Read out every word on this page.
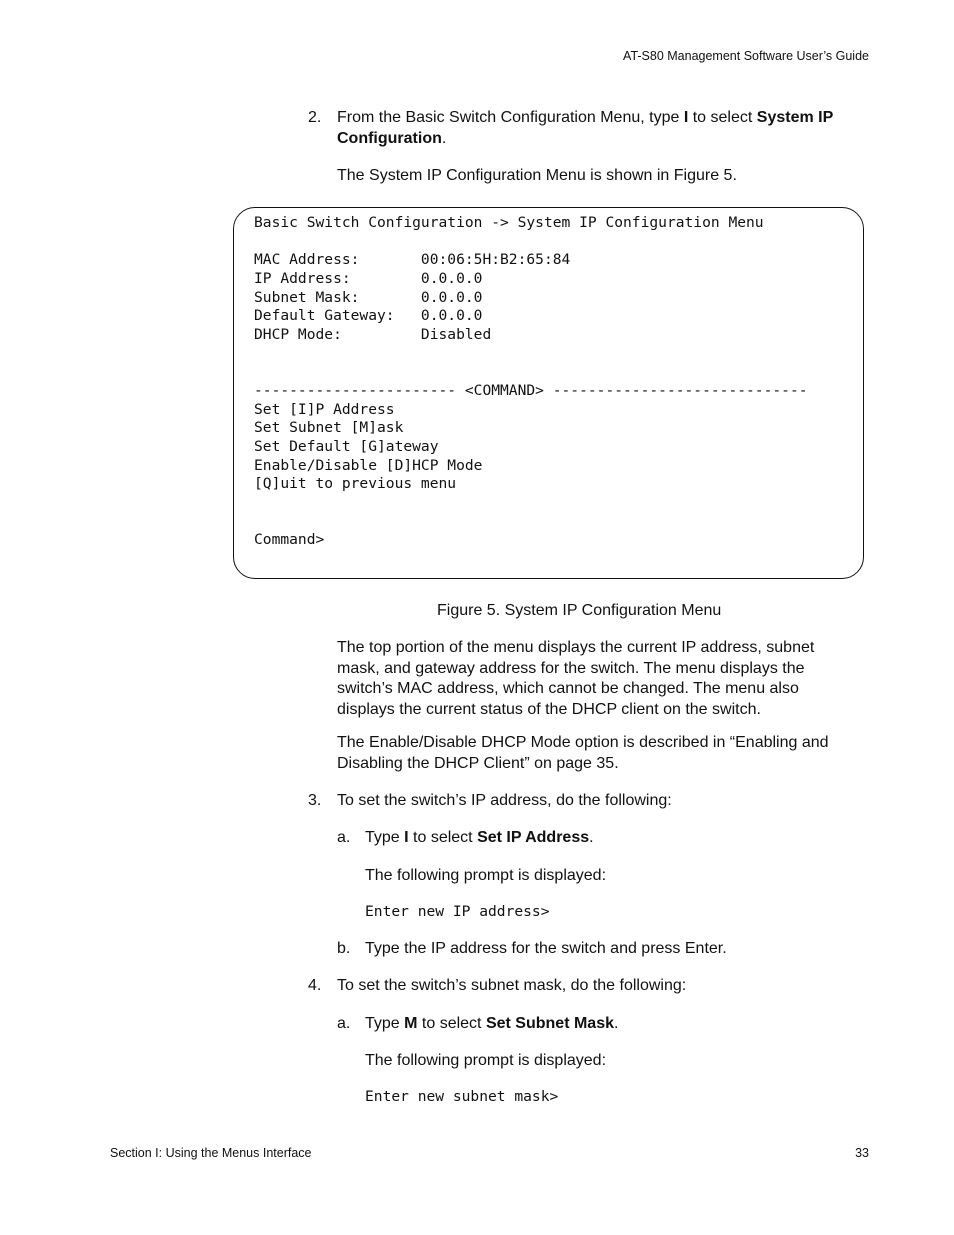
AT-S80 Management Software User’s Guide
2. From the Basic Switch Configuration Menu, type I to select System IP
Configuration.
The System IP Configuration Menu is shown in Figure 5.
Basic Switch Configuration -> System IP Configuration Menu

MAC Address:       00:06:5H:B2:65:84
IP Address:        0.0.0.0
Subnet Mask:       0.0.0.0
Default Gateway:   0.0.0.0
DHCP Mode:         Disabled

----------------------- <COMMAND> -----------------------------
Set [I]P Address
Set Subnet [M]ask
Set Default [G]ateway
Enable/Disable [D]HCP Mode
[Q]uit to previous menu

Command>
Figure 5. System IP Configuration Menu
The top portion of the menu displays the current IP address, subnet
mask, and gateway address for the switch. The menu displays the
switch’s MAC address, which cannot be changed. The menu also
displays the current status of the DHCP client on the switch.
The Enable/Disable DHCP Mode option is described in “Enabling and
Disabling the DHCP Client” on page 35.
3. To set the switch’s IP address, do the following:
a. Type I to select Set IP Address.
The following prompt is displayed:
Enter new IP address>
b. Type the IP address for the switch and press Enter.
4. To set the switch’s subnet mask, do the following:
a. Type M to select Set Subnet Mask.
The following prompt is displayed:
Enter new subnet mask>
Section I: Using the Menus Interface	33
